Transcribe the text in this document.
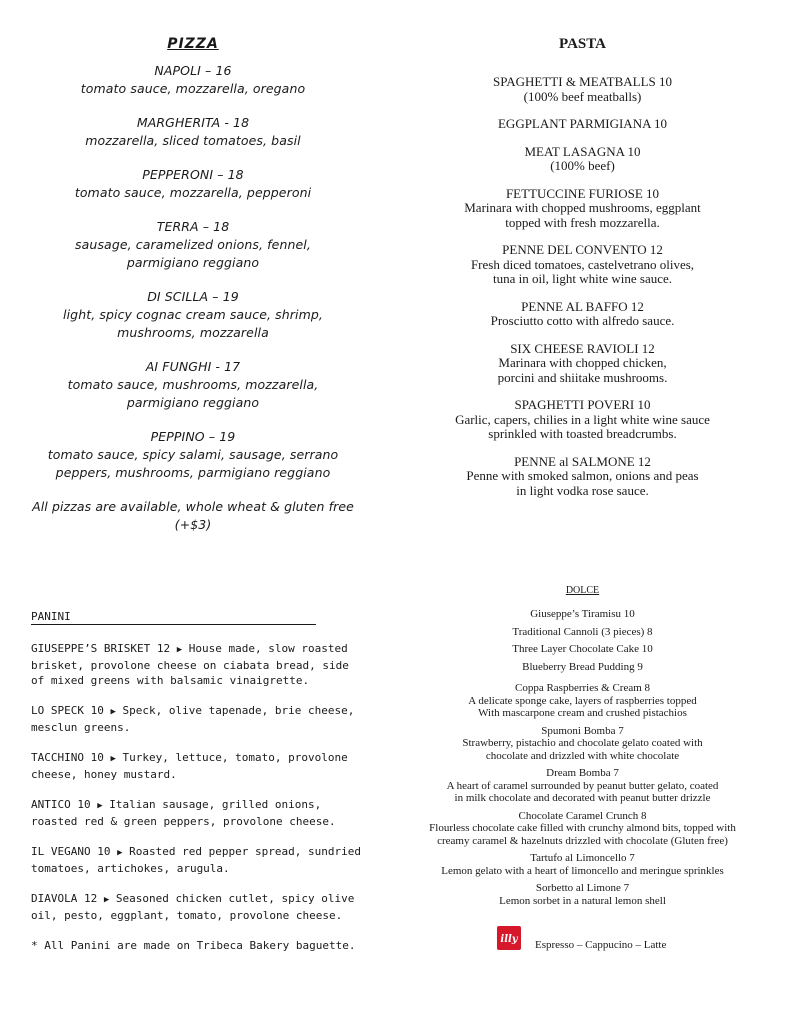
PIZZA
NAPOLI – 16
tomato sauce, mozzarella, oregano
MARGHERITA - 18
mozzarella, sliced tomatoes, basil
PEPPERONI – 18
tomato sauce, mozzarella, pepperoni
TERRA – 18
sausage, caramelized onions, fennel,
parmigiano reggiano
DI SCILLA – 19
light, spicy cognac cream sauce, shrimp,
mushrooms, mozzarella
AI FUNGHI - 17
tomato sauce, mushrooms, mozzarella,
parmigiano reggiano
PEPPINO – 19
tomato sauce, spicy salami, sausage, serrano
peppers, mushrooms, parmigiano reggiano
All pizzas are available, whole wheat & gluten free
(+$3)
PASTA
SPAGHETTI & MEATBALLS 10
(100% beef meatballs)
EGGPLANT PARMIGIANA 10
MEAT LASAGNA 10
(100% beef)
FETTUCCINE FURIOSE 10
Marinara with chopped mushrooms, eggplant
topped with fresh mozzarella.
PENNE DEL CONVENTO 12
Fresh diced tomatoes, castelvetrano olives,
tuna in oil, light white wine sauce.
PENNE AL BAFFO 12
Prosciutto cotto with alfredo sauce.
SIX CHEESE RAVIOLI 12
Marinara with chopped chicken,
porcini and shiitake mushrooms.
SPAGHETTI POVERI 10
Garlic, capers, chilies in a light white wine sauce
sprinkled with toasted breadcrumbs.
PENNE al SALMONE 12
Penne with smoked salmon, onions and peas
in light vodka rose sauce.
PANINI
GIUSEPPE’S BRISKET 12 ▶ House made, slow roasted brisket, provolone cheese on ciabata bread, side of mixed greens with balsamic vinaigrette.
LO SPECK 10 ▶ Speck, olive tapenade, brie cheese, mesclun greens.
TACCHINO 10 ▶ Turkey, lettuce, tomato, provolone cheese, honey mustard.
ANTICO 10 ▶ Italian sausage, grilled onions, roasted red & green peppers, provolone cheese.
IL VEGANO 10 ▶ Roasted red pepper spread, sundried tomatoes, artichokes, arugula.
DIAVOLA 12 ▶ Seasoned chicken cutlet, spicy olive oil, pesto, eggplant, tomato, provolone cheese.
* All Panini are made on Tribeca Bakery baguette.
DOLCE
Giuseppe’s Tiramisu 10
Traditional Cannoli (3 pieces) 8
Three Layer Chocolate Cake 10
Blueberry Bread Pudding 9
Coppa Raspberries & Cream 8
A delicate sponge cake, layers of raspberries topped
With mascarpone cream and crushed pistachios
Spumoni Bomba 7
Strawberry, pistachio and chocolate gelato coated with
chocolate and drizzled with white chocolate
Dream Bomba 7
A heart of caramel surrounded by peanut butter gelato, coated
in milk chocolate and decorated with peanut butter drizzle
Chocolate Caramel Crunch 8
Flourless chocolate cake filled with crunchy almond bits, topped with
creamy caramel & hazelnuts drizzled with chocolate (Gluten free)
Tartufo al Limoncello 7
Lemon gelato with a heart of limoncello and meringue sprinkles
Sorbetto al Limone 7
Lemon sorbet in a natural lemon shell
illy Espresso – Cappucino – Latte
